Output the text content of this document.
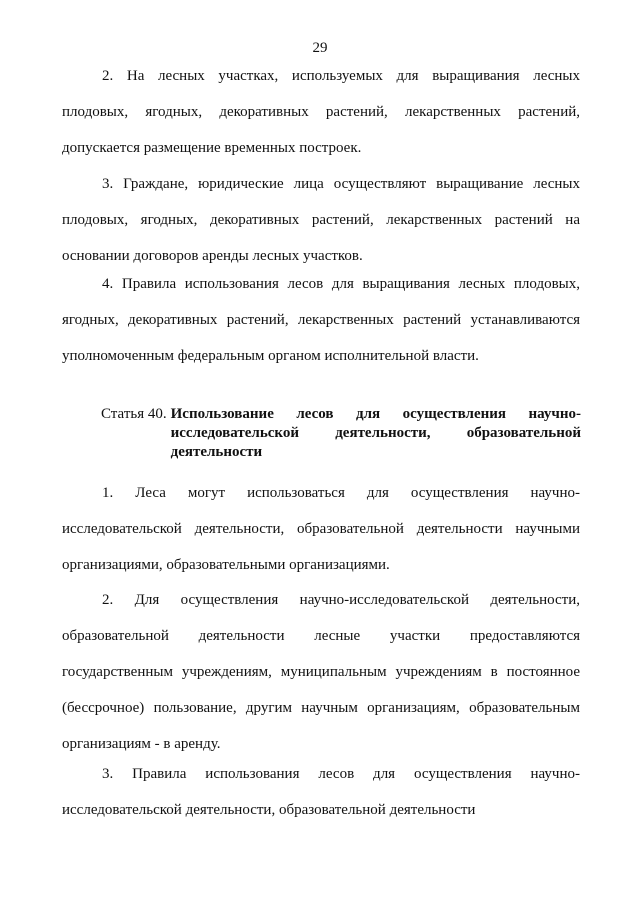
29

2. На лесных участках, используемых для выращивания лесных плодовых, ягодных, декоративных растений, лекарственных растений, допускается размещение временных построек.

3. Граждане, юридические лица осуществляют выращивание лесных плодовых, ягодных, декоративных растений, лекарственных растений на основании договоров аренды лесных участков.

4. Правила использования лесов для выращивания лесных плодовых, ягодных, декоративных растений, лекарственных растений устанавливаются уполномоченным федеральным органом исполнительной власти.

Статья 40. Использование лесов для осуществления научно-исследовательской деятельности, образовательной деятельности

1. Леса могут использоваться для осуществления научно-исследовательской деятельности, образовательной деятельности научными организациями, образовательными организациями.

2. Для осуществления научно-исследовательской деятельности, образовательной деятельности лесные участки предоставляются государственным учреждениям, муниципальным учреждениям в постоянное (бессрочное) пользование, другим научным организациям, образовательным организациям - в аренду.

3. Правила использования лесов для осуществления научно-исследовательской деятельности, образовательной деятельности
